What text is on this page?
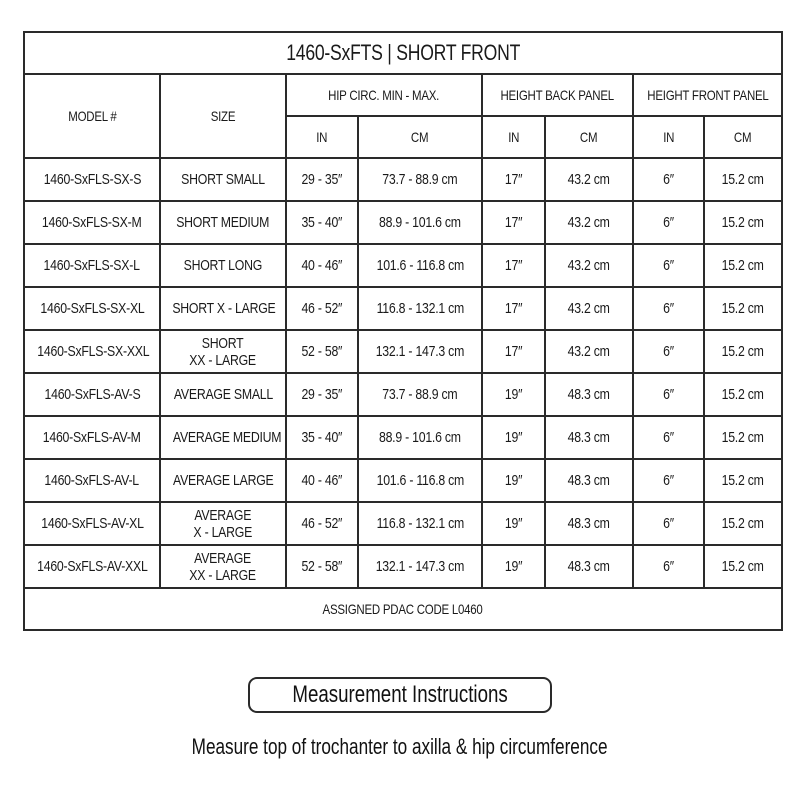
1460-SxFTS | SHORT FRONT							
MODEL #	SIZE	HIP CIRC. MIN - MAX.		HEIGHT BACK PANEL		HEIGHT FRONT PANEL	
		IN	CM	IN	CM	IN	CM
1460-SxFLS-SX-S	SHORT SMALL	29 - 35″	73.7 - 88.9 cm	17″	43.2 cm	6″	15.2 cm
1460-SxFLS-SX-M	SHORT MEDIUM	35 - 40″	88.9 - 101.6 cm	17″	43.2 cm	6″	15.2 cm
1460-SxFLS-SX-L	SHORT LONG	40 - 46″	101.6 - 116.8 cm	17″	43.2 cm	6″	15.2 cm
1460-SxFLS-SX-XL	SHORT X - LARGE	46 - 52″	116.8 - 132.1 cm	17″	43.2 cm	6″	15.2 cm
1460-SxFLS-SX-XXL	SHORT
XX - LARGE	52 - 58″	132.1 - 147.3 cm	17″	43.2 cm	6″	15.2 cm
1460-SxFLS-AV-S	AVERAGE SMALL	29 - 35″	73.7 - 88.9 cm	19″	48.3 cm	6″	15.2 cm
1460-SxFLS-AV-M	AVERAGE MEDIUM	35 - 40″	88.9 - 101.6 cm	19″	48.3 cm	6″	15.2 cm
1460-SxFLS-AV-L	AVERAGE LARGE	40 - 46″	101.6 - 116.8 cm	19″	48.3 cm	6″	15.2 cm
1460-SxFLS-AV-XL	AVERAGE
X - LARGE	46 - 52″	116.8 - 132.1 cm	19″	48.3 cm	6″	15.2 cm
1460-SxFLS-AV-XXL	AVERAGE
XX - LARGE	52 - 58″	132.1 - 147.3 cm	19″	48.3 cm	6″	15.2 cm
ASSIGNED PDAC CODE L0460							
Measurement Instructions
Measure top of trochanter to axilla & hip circumference
